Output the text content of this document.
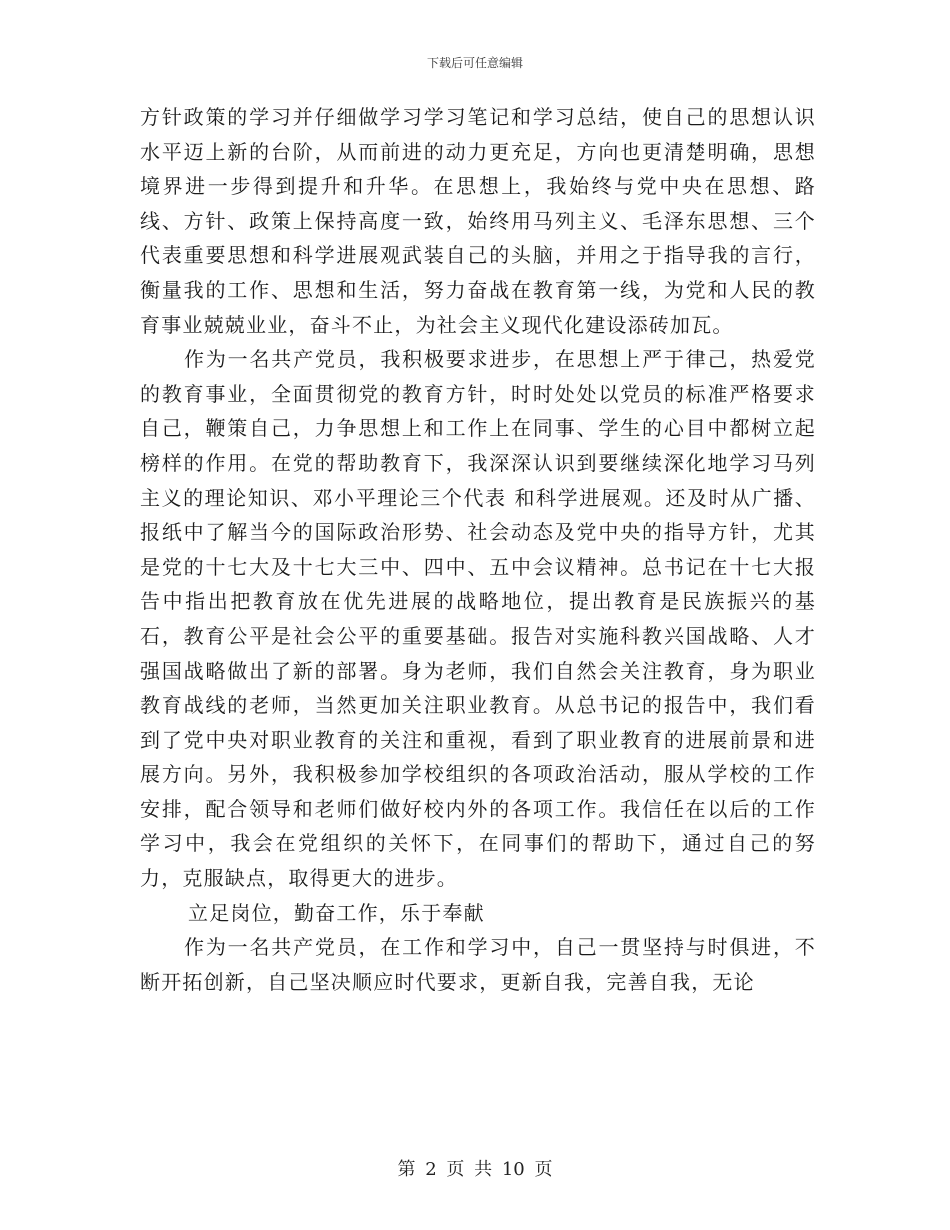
下载后可任意编辑

方针政策的学习并仔细做学习学习笔记和学习总结，使自己的思想认识水平迈上新的台阶，从而前进的动力更充足，方向也更清楚明确，思想境界进一步得到提升和升华。在思想上，我始终与党中央在思想、路线、方针、政策上保持高度一致，始终用马列主义、毛泽东思想、三个代表重要思想和科学进展观武装自己的头脑，并用之于指导我的言行，衡量我的工作、思想和生活，努力奋战在教育第一线，为党和人民的教育事业兢兢业业，奋斗不止，为社会主义现代化建设添砖加瓦。

作为一名共产党员，我积极要求进步，在思想上严于律己，热爱党的教育事业，全面贯彻党的教育方针，时时处处以党员的标准严格要求自己，鞭策自己，力争思想上和工作上在同事、学生的心目中都树立起榜样的作用。在党的帮助教育下，我深深认识到要继续深化地学习马列主义的理论知识、邓小平理论三个代表 和科学进展观。还及时从广播、报纸中了解当今的国际政治形势、社会动态及党中央的指导方针，尤其是党的十七大及十七大三中、四中、五中会议精神。总书记在十七大报告中指出把教育放在优先进展的战略地位，提出教育是民族振兴的基石，教育公平是社会公平的重要基础。报告对实施科教兴国战略、人才强国战略做出了新的部署。身为老师，我们自然会关注教育，身为职业教育战线的老师，当然更加关注职业教育。从总书记的报告中，我们看到了党中央对职业教育的关注和重视，看到了职业教育的进展前景和进展方向。另外，我积极参加学校组织的各项政治活动，服从学校的工作安排，配合领导和老师们做好校内外的各项工作。我信任在以后的工作学习中，我会在党组织的关怀下，在同事们的帮助下，通过自己的努力，克服缺点，取得更大的进步。

立足岗位，勤奋工作，乐于奉献

作为一名共产党员，在工作和学习中，自己一贯坚持与时俱进，不断开拓创新，自己坚决顺应时代要求，更新自我，完善自我，无论

第 2 页 共 10 页
